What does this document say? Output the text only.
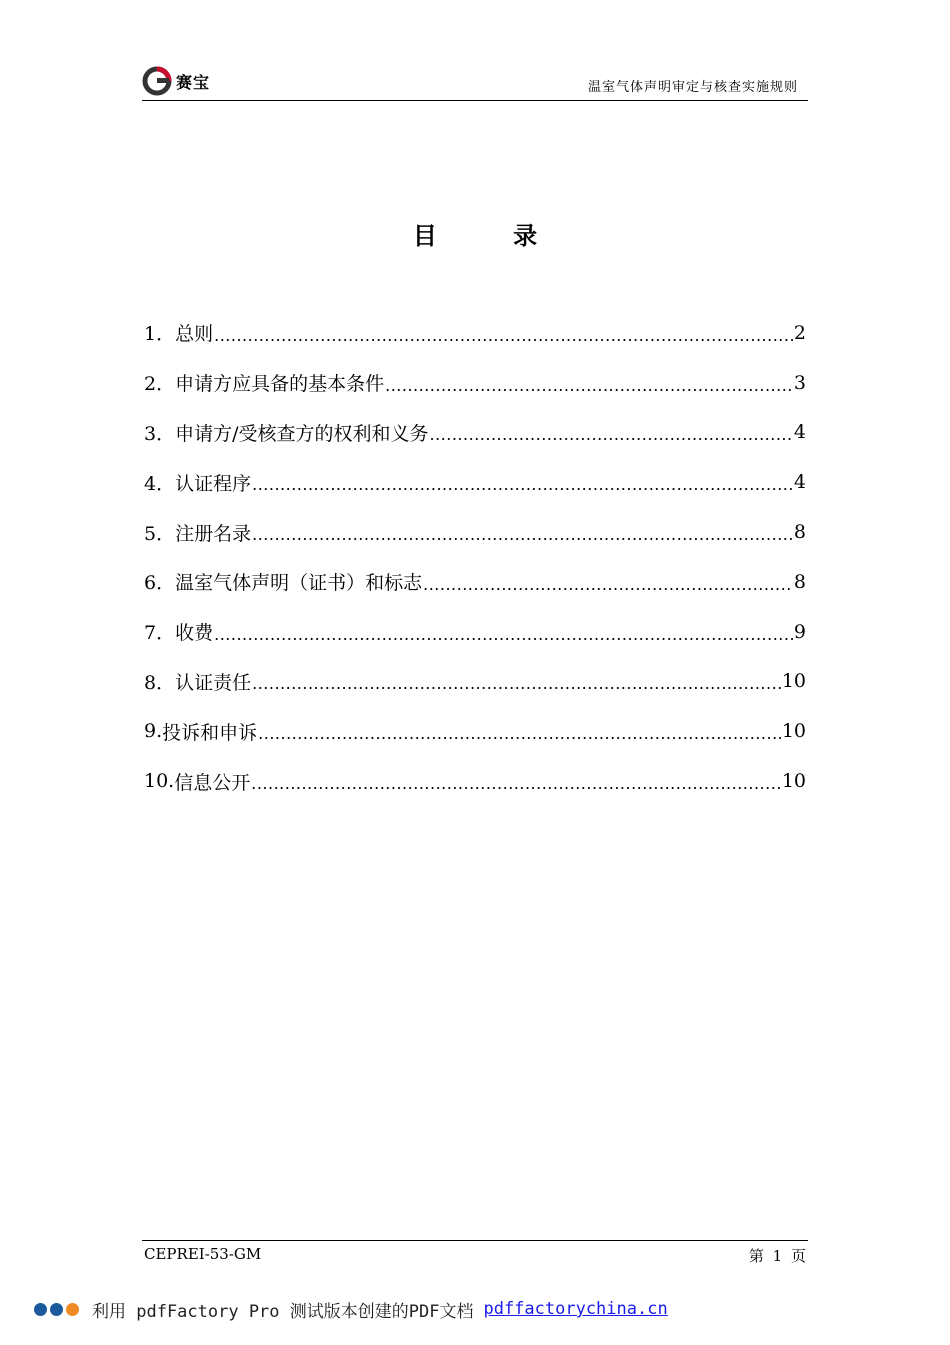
赛宝	温室气体声明审定与核查实施规则
目 录
1． 总则 .....	2
2． 申请方应具备的基本条件 .....	3
3． 申请方/受核查方的权利和义务 .....	4
4． 认证程序 .....	4
5． 注册名录 .....	8
6． 温室气体声明（证书）和标志 .....	8
7． 收费 .....	9
8． 认证责任 .....	10
9. 投诉和申诉 .....	10
10. 信息公开 .....	10
CEPREI-53-GM	第 1 页
利用 pdfFactory Pro 测试版本创建的PDF文档 pdffactorychina.cn
